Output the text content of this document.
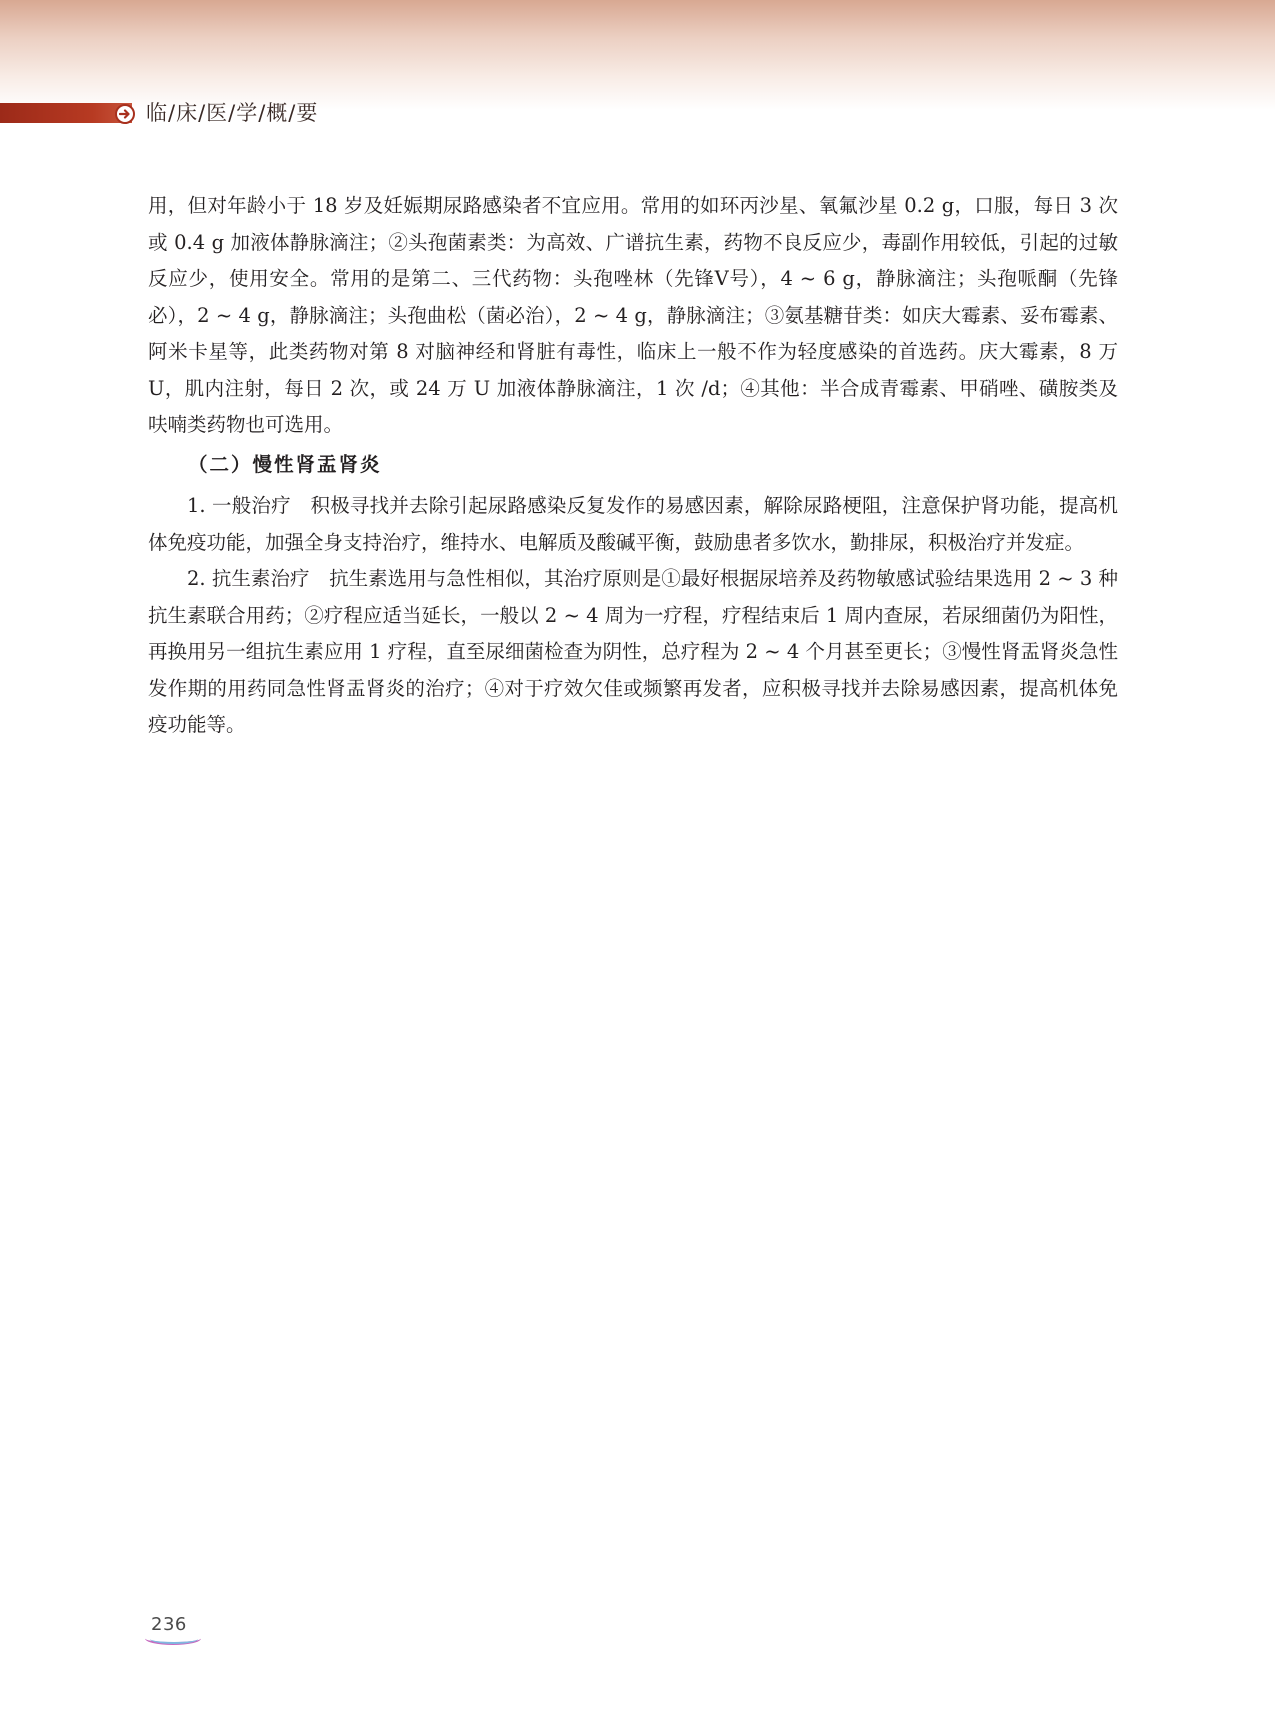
临/床/医/学/概/要

用，但对年龄小于 18 岁及妊娠期尿路感染者不宜应用。常用的如环丙沙星、氧氟沙星 0.2 g，口服，每日 3 次或 0.4 g 加液体静脉滴注；②头孢菌素类：为高效、广谱抗生素，药物不良反应少，毒副作用较低，引起的过敏反应少，使用安全。常用的是第二、三代药物：头孢唑林（先锋Ⅴ号），4 ~ 6 g，静脉滴注；头孢哌酮（先锋必），2 ~ 4 g，静脉滴注；头孢曲松（菌必治），2 ~ 4 g，静脉滴注；③氨基糖苷类：如庆大霉素、妥布霉素、阿米卡星等，此类药物对第 8 对脑神经和肾脏有毒性，临床上一般不作为轻度感染的首选药。庆大霉素，8 万 U，肌内注射，每日 2 次，或 24 万 U 加液体静脉滴注，1 次 /d；④其他：半合成青霉素、甲硝唑、磺胺类及呋喃类药物也可选用。

（二）慢性肾盂肾炎

1. 一般治疗　积极寻找并去除引起尿路感染反复发作的易感因素，解除尿路梗阻，注意保护肾功能，提高机体免疫功能，加强全身支持治疗，维持水、电解质及酸碱平衡，鼓励患者多饮水，勤排尿，积极治疗并发症。

2. 抗生素治疗　抗生素选用与急性相似，其治疗原则是①最好根据尿培养及药物敏感试验结果选用 2 ~ 3 种抗生素联合用药；②疗程应适当延长，一般以 2 ~ 4 周为一疗程，疗程结束后 1 周内查尿，若尿细菌仍为阳性，再换用另一组抗生素应用 1 疗程，直至尿细菌检查为阴性，总疗程为 2 ~ 4 个月甚至更长；③慢性肾盂肾炎急性发作期的用药同急性肾盂肾炎的治疗；④对于疗效欠佳或频繁再发者，应积极寻找并去除易感因素，提高机体免疫功能等。

236
